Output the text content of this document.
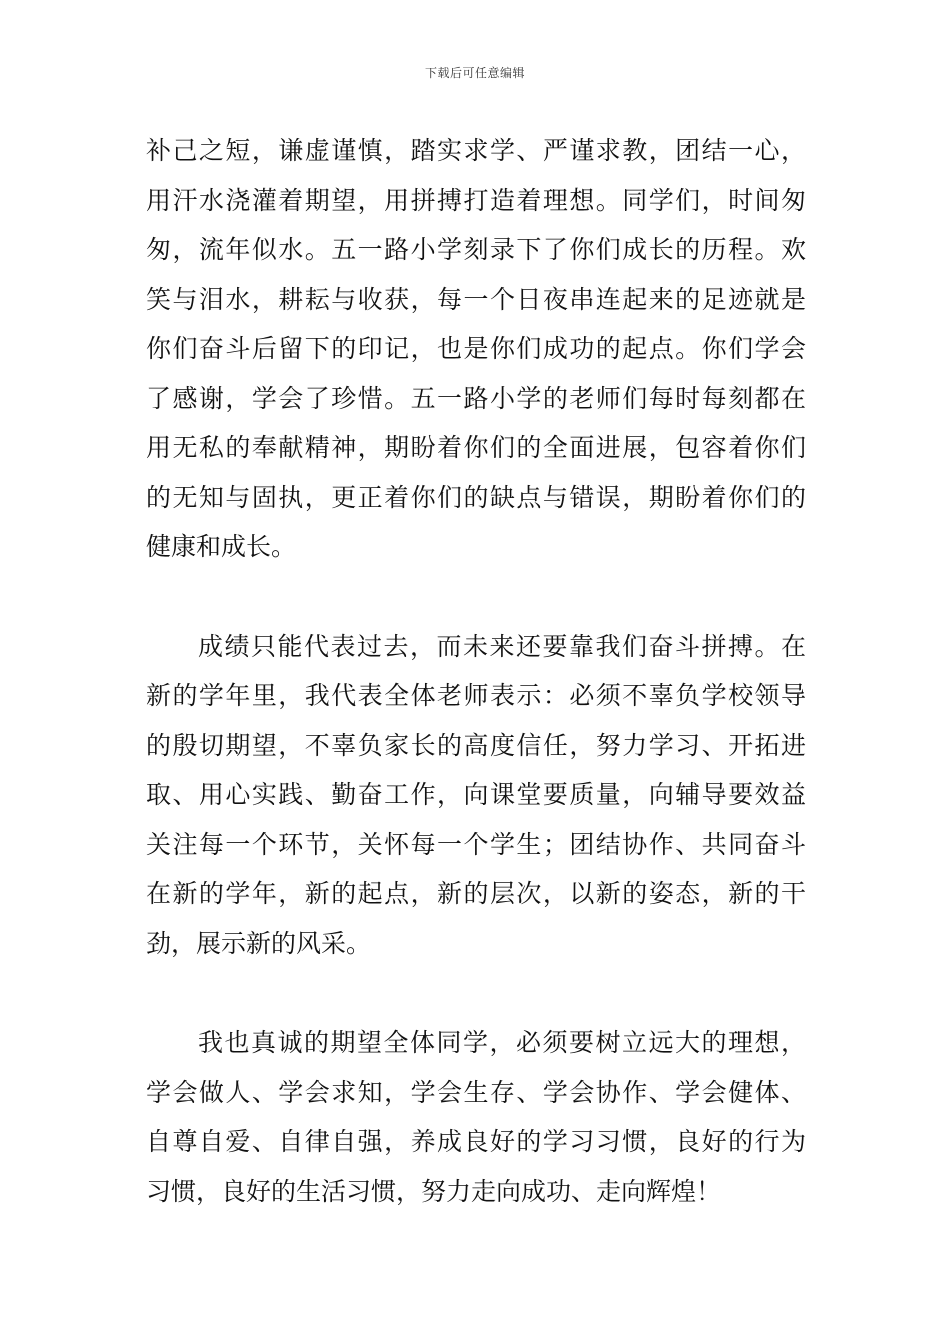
下载后可任意编辑
补己之短，谦虚谨慎，踏实求学、严谨求教，团结一心，
用汗水浇灌着期望，用拼搏打造着理想。同学们，时间匆
匆，流年似水。五一路小学刻录下了你们成长的历程。欢
笑与泪水，耕耘与收获，每一个日夜串连起来的足迹就是
你们奋斗后留下的印记，也是你们成功的起点。你们学会
了感谢，学会了珍惜。五一路小学的老师们每时每刻都在
用无私的奉献精神，期盼着你们的全面进展，包容着你们
的无知与固执，更正着你们的缺点与错误，期盼着你们的
健康和成长。
成绩只能代表过去，而未来还要靠我们奋斗拼搏。在
新的学年里，我代表全体老师表示：必须不辜负学校领导
的殷切期望，不辜负家长的高度信任，努力学习、开拓进
取、用心实践、勤奋工作，向课堂要质量，向辅导要效益
关注每一个环节，关怀每一个学生；团结协作、共同奋斗
在新的学年，新的起点，新的层次，以新的姿态，新的干
劲，展示新的风采。
我也真诚的期望全体同学，必须要树立远大的理想，
学会做人、学会求知，学会生存、学会协作、学会健体、
自尊自爱、自律自强，养成良好的学习习惯，良好的行为
习惯，良好的生活习惯，努力走向成功、走向辉煌！
